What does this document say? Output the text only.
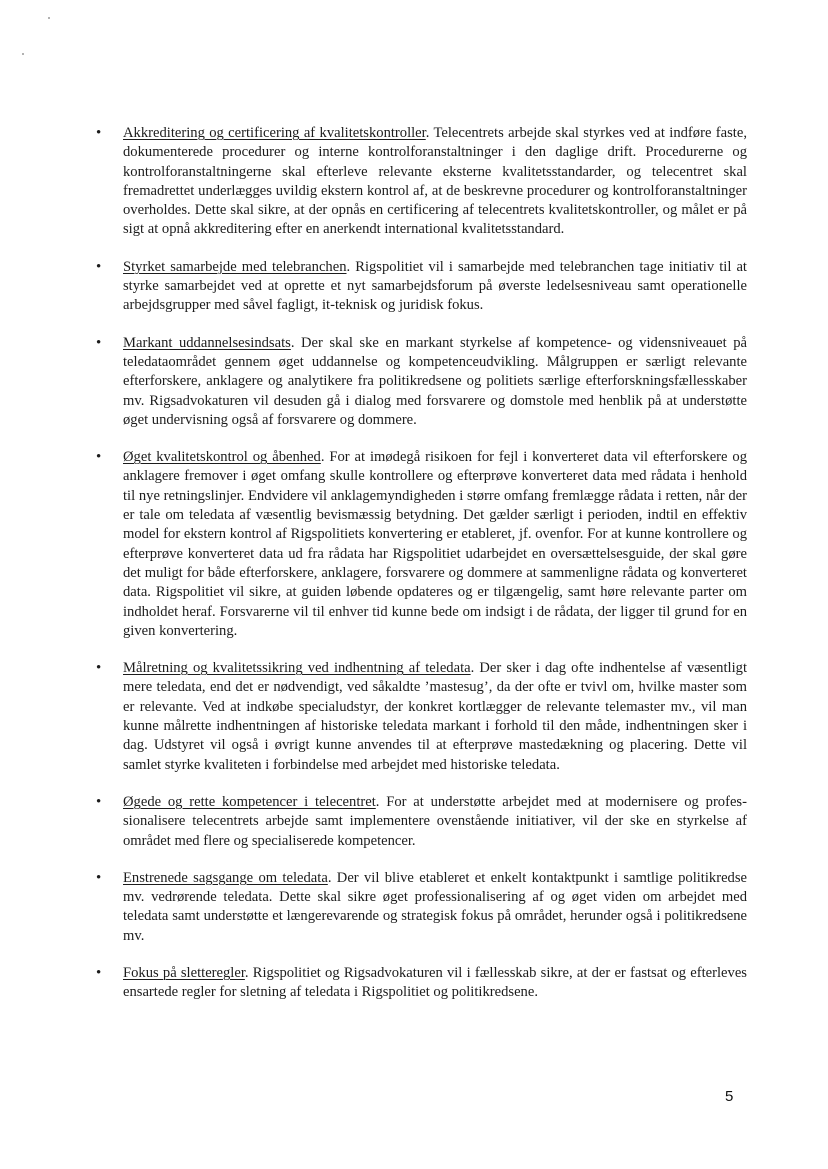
•	Akkreditering og certificering af kvalitetskontroller. Telecentrets arbejde skal styrkes ved at indføre faste, dokumenterede procedurer og interne kontrolforanstaltninger i den daglige drift. Procedurerne og kontrolforanstaltningerne skal efterleve relevante eksterne kvalitetsstandarder, og telecentret skal fremadrettet underlægges uvildig ekstern kontrol af, at de beskrevne procedurer og kontrolforanstaltninger overholdes. Dette skal sikre, at der opnås en certificering af telecentrets kvalitetskontroller, og målet er på sigt at opnå akkreditering efter en anerkendt international kvalitetsstandard.
•	Styrket samarbejde med telebranchen. Rigspolitiet vil i samarbejde med telebranchen tage initiativ til at styrke samarbejdet ved at oprette et nyt samarbejdsforum på øverste ledelsesniveau samt operationelle arbejdsgrupper med såvel fagligt, it-teknisk og juridisk fokus.
•	Markant uddannelsesindsats. Der skal ske en markant styrkelse af kompetence- og vidensniveauet på teledataområdet gennem øget uddannelse og kompetenceudvikling. Målgruppen er særligt relevante efterforskere, anklagere og analytikere fra politikredsene og politiets særlige efterforskningsfællesskaber mv. Rigsadvokaturen vil desuden gå i dialog med forsvarere og domstole med henblik på at understøtte øget undervisning også af forsvarere og dommere.
•	Øget kvalitetskontrol og åbenhed. For at imødegå risikoen for fejl i konverteret data vil efterforskere og anklagere fremover i øget omfang skulle kontrollere og efterprøve konverteret data med rådata i henhold til nye retningslinjer. Endvidere vil anklagemyndigheden i større omfang fremlægge rådata i retten, når der er tale om teledata af væsentlig bevismæssig betydning. Det gælder særligt i perioden, indtil en effektiv model for ekstern kontrol af Rigspolitiets konvertering er etableret, jf. ovenfor. For at kunne kontrollere og efterprøve konverteret data ud fra rådata har Rigspolitiet udarbejdet en oversættelsesguide, der skal gøre det muligt for både efterforskere, anklagere, forsvarere og dommere at sammenligne rådata og konverteret data. Rigspolitiet vil sikre, at guiden løbende opdateres og er tilgængelig, samt høre relevante parter om indholdet heraf. Forsvarerne vil til enhver tid kunne bede om indsigt i de rådata, der ligger til grund for en given konvertering.
•	Målretning og kvalitetssikring ved indhentning af teledata. Der sker i dag ofte indhentelse af væsentligt mere teledata, end det er nødvendigt, ved såkaldte ’mastesug’, da der ofte er tvivl om, hvilke master som er relevante. Ved at indkøbe specialudstyr, der konkret kortlægger de relevante telemaster mv., vil man kunne målrette indhentningen af historiske teledata markant i forhold til den måde, indhentningen sker i dag. Udstyret vil også i øvrigt kunne anvendes til at efterprøve mastedækning og placering. Dette vil samlet styrke kvaliteten i forbindelse med arbejdet med historiske teledata.
•	Øgede og rette kompetencer i telecentret. For at understøtte arbejdet med at modernisere og professionalisere telecentrets arbejde samt implementere ovenstående initiativer, vil der ske en styrkelse af området med flere og specialiserede kompetencer.
•	Enstrenede sagsgange om teledata. Der vil blive etableret et enkelt kontaktpunkt i samtlige politikredse mv. vedrørende teledata. Dette skal sikre øget professionalisering af og øget viden om arbejdet med teledata samt understøtte et længerevarende og strategisk fokus på området, herunder også i politikredsene mv.
•	Fokus på sletteregler. Rigspolitiet og Rigsadvokaturen vil i fællesskab sikre, at der er fastsat og efterleves ensartede regler for sletning af teledata i Rigspolitiet og politikredsene.
5
